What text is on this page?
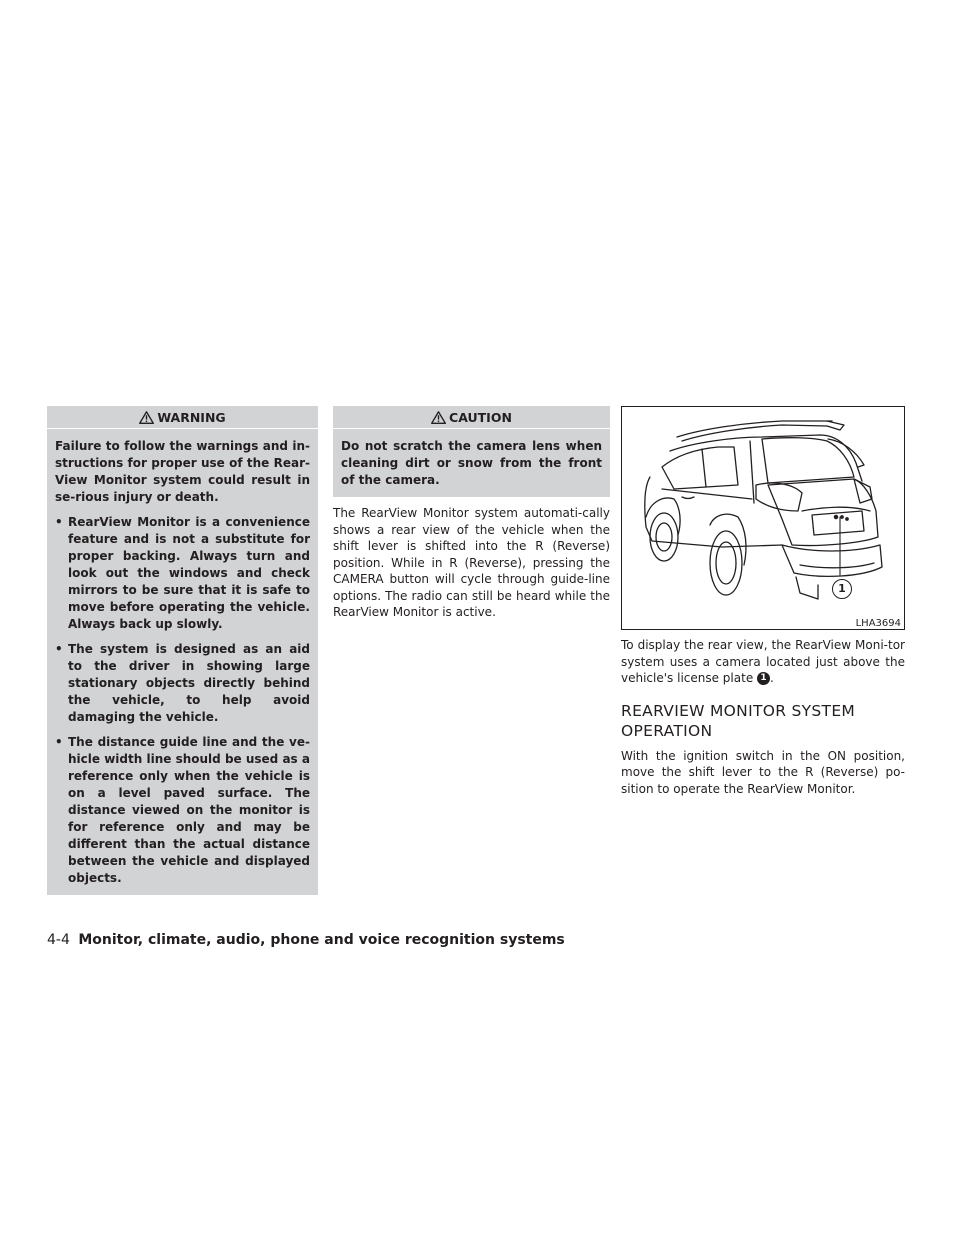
WARNING

Failure to follow the warnings and in-structions for proper use of the Rear-View Monitor system could result in se-rious injury or death.

• RearView Monitor is a convenience feature and is not a substitute for proper backing. Always turn and look out the windows and check mirrors to be sure that it is safe to move before operating the vehicle. Always back up slowly.
• The system is designed as an aid to the driver in showing large stationary objects directly behind the vehicle, to help avoid damaging the vehicle.
• The distance guide line and the ve-hicle width line should be used as a reference only when the vehicle is on a level paved surface. The distance viewed on the monitor is for reference only and may be different than the actual distance between the vehicle and displayed objects.
CAUTION

Do not scratch the camera lens when cleaning dirt or snow from the front of the camera.

The RearView Monitor system automati-cally shows a rear view of the vehicle when the shift lever is shifted into the R (Reverse) position. While in R (Reverse), pressing the CAMERA button will cycle through guide-line options. The radio can still be heard while the RearView Monitor is active.

1
LHA3694

To display the rear view, the RearView Moni-tor system uses a camera located just above the vehicle's license plate 1 .

REARVIEW MONITOR SYSTEM
OPERATION

With the ignition switch in the ON position, move the shift lever to the R (Reverse) po-sition to operate the RearView Monitor.

4-4 Monitor, climate, audio, phone and voice recognition systems
